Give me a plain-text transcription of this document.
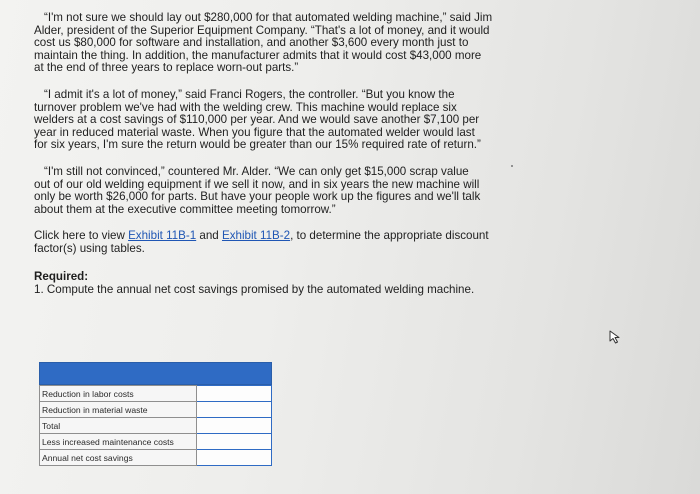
“I'm not sure we should lay out $280,000 for that automated welding machine,” said Jim
Alder, president of the Superior Equipment Company. “That's a lot of money, and it would
cost us $80,000 for software and installation, and another $3,600 every month just to
maintain the thing. In addition, the manufacturer admits that it would cost $43,000 more
at the end of three years to replace worn-out parts.”
“I admit it's a lot of money,” said Franci Rogers, the controller. “But you know the
turnover problem we've had with the welding crew. This machine would replace six
welders at a cost savings of $110,000 per year. And we would save another $7,100 per
year in reduced material waste. When you figure that the automated welder would last
for six years, I'm sure the return would be greater than our 15% required rate of return.”
“I'm still not convinced,” countered Mr. Alder. “We can only get $15,000 scrap value
out of our old welding equipment if we sell it now, and in six years the new machine will
only be worth $26,000 for parts. But have your people work up the figures and we'll talk
about them at the executive committee meeting tomorrow.”
Click here to view Exhibit 11B-1 and Exhibit 11B-2, to determine the appropriate discount
factor(s) using tables.
Required:
1. Compute the annual net cost savings promised by the automated welding machine.
Reduction in labor costs	
Reduction in material waste	
Total	
Less increased maintenance costs	
Annual net cost savings	
